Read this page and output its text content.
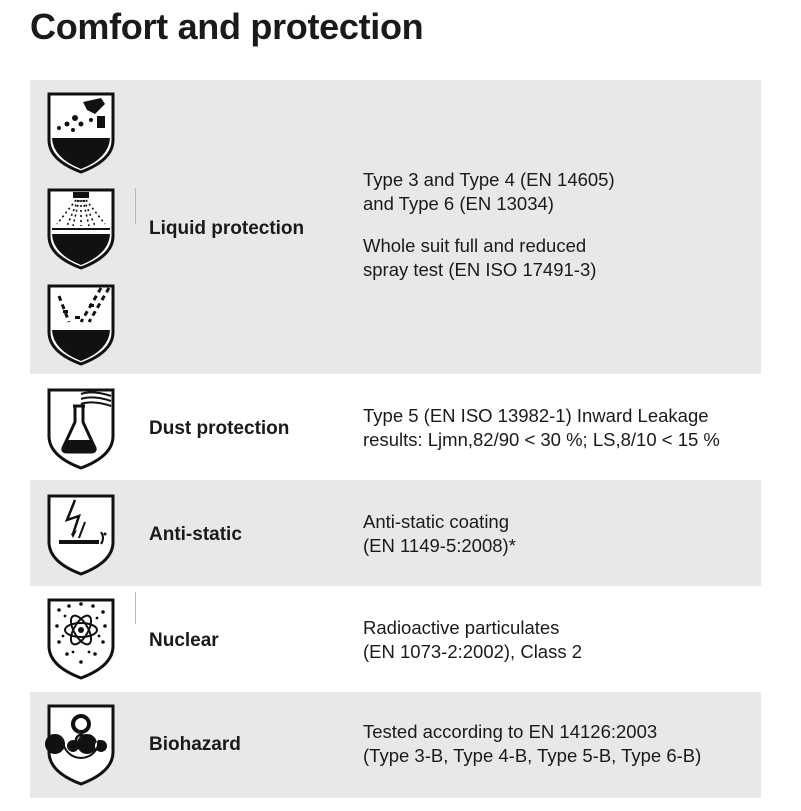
Comfort and protection
Liquid protection

Type 3 and Type 4 (EN 14605)

and Type 6 (EN 13034)

Whole suit full and reduced

spray test (EN ISO 17491-3)

Dust protection

Type 5 (EN ISO 13982-1) Inward Leakage

results: Ljmn,82/90 < 30 %; LS,8/10 < 15 %

Anti-static

Anti-static coating

(EN 1149-5:2008)*

Nuclear

Radioactive particulates

(EN 1073-2:2002), Class 2

Biohazard

Tested according to EN 14126:2003

(Type 3-B, Type 4-B, Type 5-B, Type 6-B)
